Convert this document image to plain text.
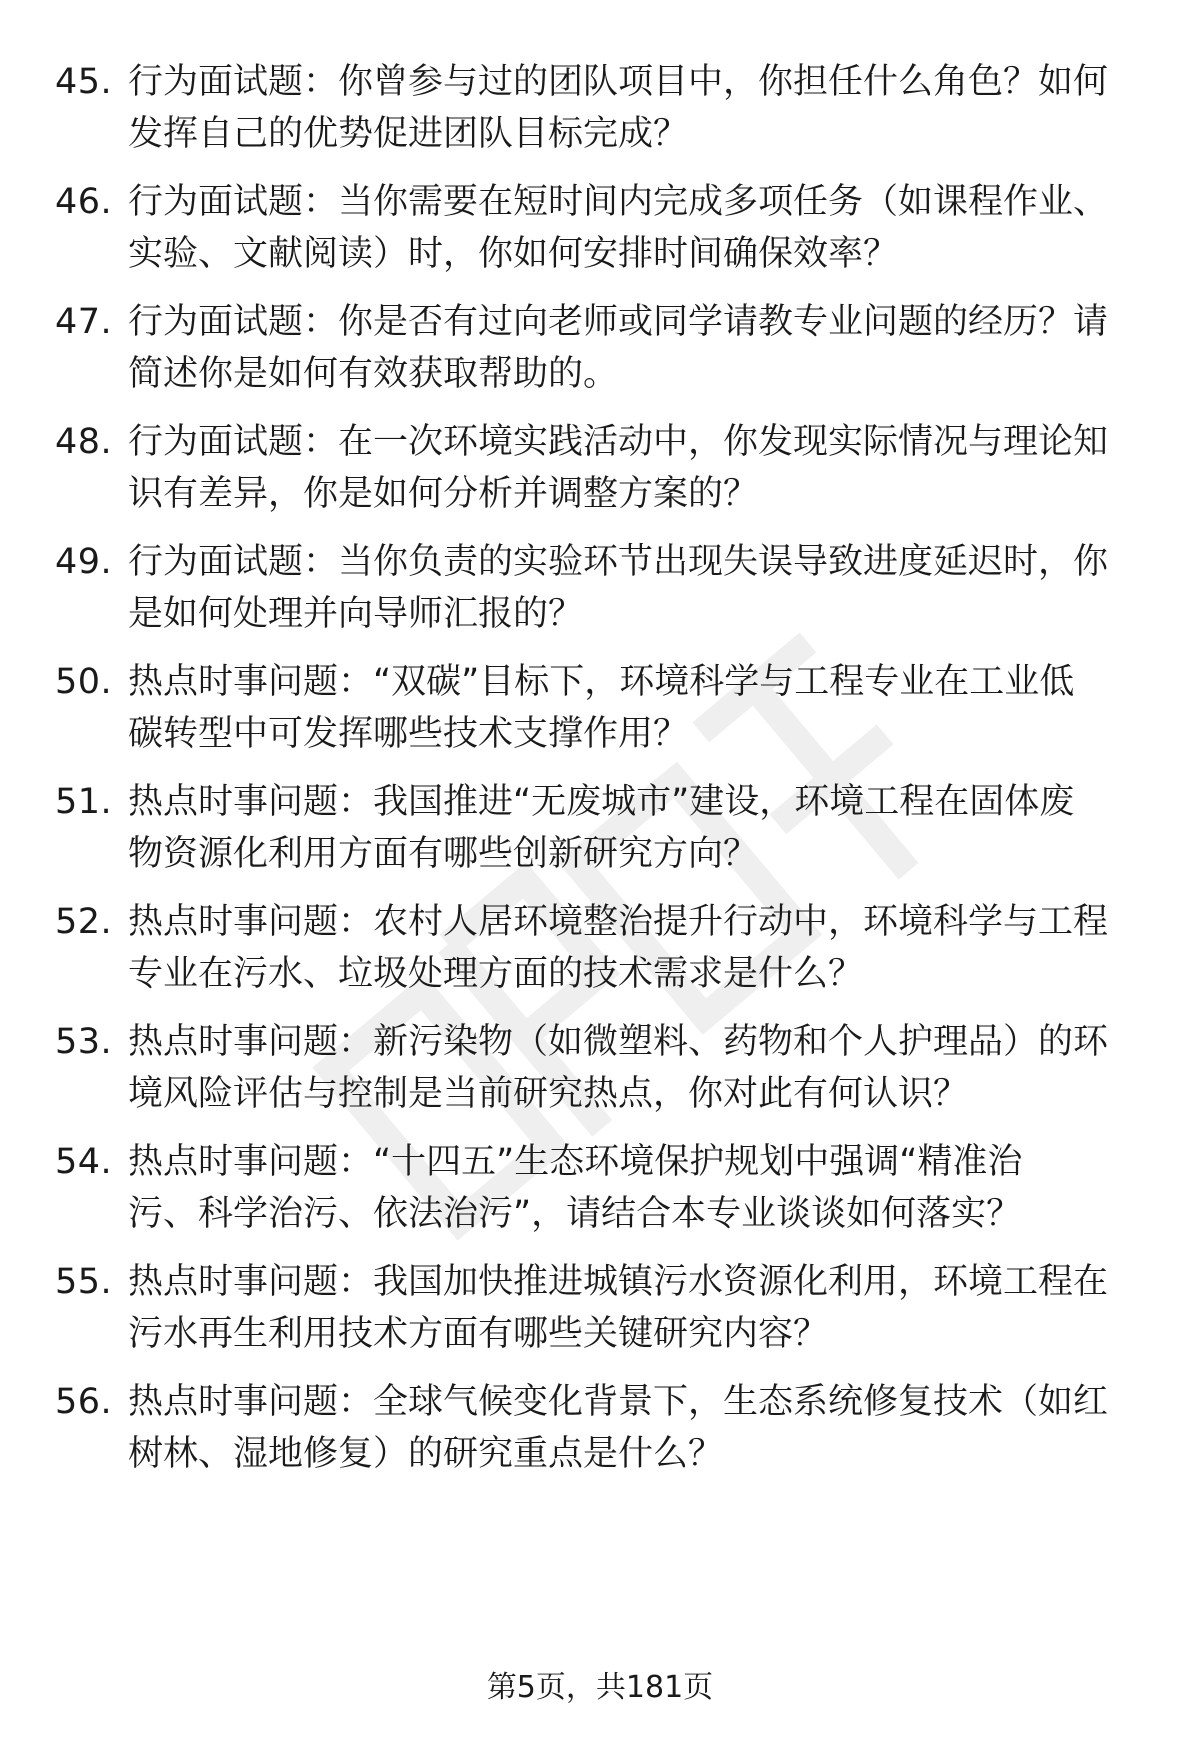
45. 行为面试题：你曾参与过的团队项目中，你担任什么角色？如何
发挥自己的优势促进团队目标完成？
46. 行为面试题：当你需要在短时间内完成多项任务（如课程作业、
实验、文献阅读）时，你如何安排时间确保效率？
47. 行为面试题：你是否有过向老师或同学请教专业问题的经历？请
简述你是如何有效获取帮助的。
48. 行为面试题：在一次环境实践活动中，你发现实际情况与理论知
识有差异，你是如何分析并调整方案的？
49. 行为面试题：当你负责的实验环节出现失误导致进度延迟时，你
是如何处理并向导师汇报的？
50. 热点时事问题：“双碳”目标下，环境科学与工程专业在工业低
碳转型中可发挥哪些技术支撑作用？
51. 热点时事问题：我国推进“无废城市”建设，环境工程在固体废
物资源化利用方面有哪些创新研究方向？
52. 热点时事问题：农村人居环境整治提升行动中，环境科学与工程
专业在污水、垃圾处理方面的技术需求是什么？
53. 热点时事问题：新污染物（如微塑料、药物和个人护理品）的环
境风险评估与控制是当前研究热点，你对此有何认识？
54. 热点时事问题：“十四五”生态环境保护规划中强调“精准治
污、科学治污、依法治污”，请结合本专业谈谈如何落实？
55. 热点时事问题：我国加快推进城镇污水资源化利用，环境工程在
污水再生利用技术方面有哪些关键研究内容？
56. 热点时事问题：全球气候变化背景下，生态系统修复技术（如红
树林、湿地修复）的研究重点是什么？
第5页，共181页
